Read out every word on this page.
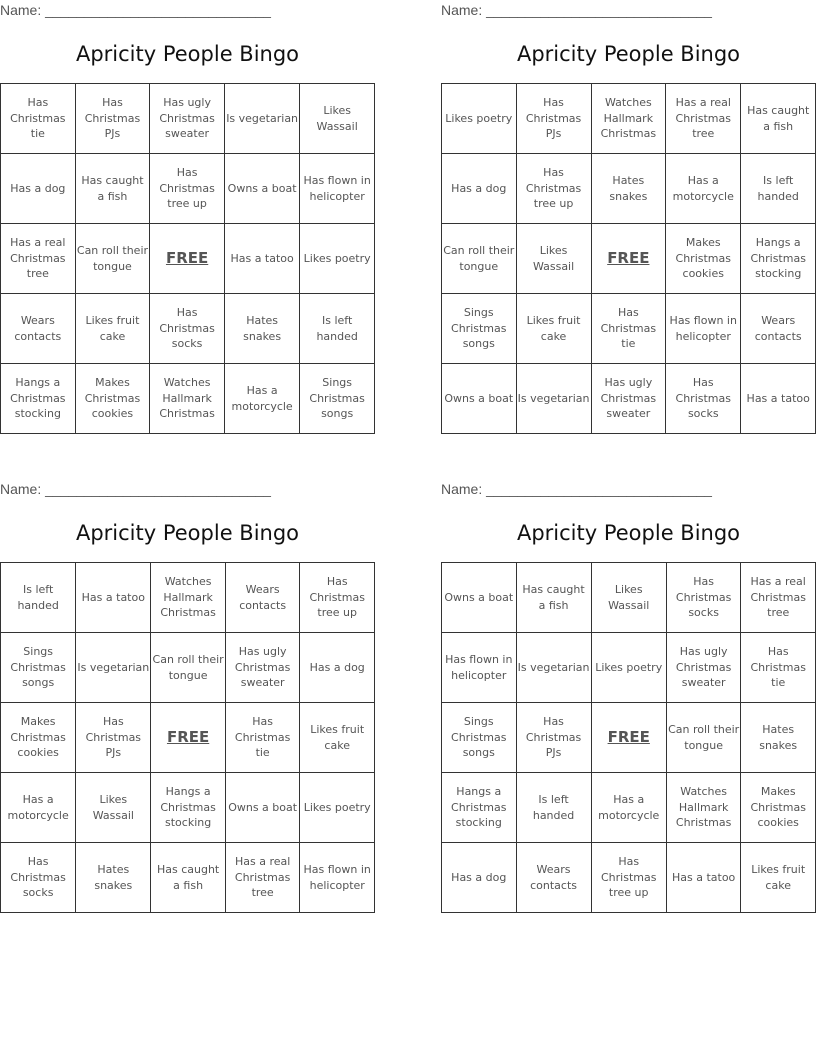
Name: _____________________________
Apricity People Bingo
Has Christmas tie	Has Christmas PJs	Has ugly Christmas sweater	Is vegetarian	Likes Wassail
Has a dog	Has caught a fish	Has Christmas tree up	Owns a boat	Has flown in helicopter
Has a real Christmas tree	Can roll their tongue	FREE	Has a tatoo	Likes poetry
Wears contacts	Likes fruit cake	Has Christmas socks	Hates snakes	Is left handed
Hangs a Christmas stocking	Makes Christmas cookies	Watches Hallmark Christmas	Has a motorcycle	Sings Christmas songs
Name: _____________________________
Apricity People Bingo
Likes poetry	Has Christmas PJs	Watches Hallmark Christmas	Has a real Christmas tree	Has caught a fish
Has a dog	Has Christmas tree up	Hates snakes	Has a motorcycle	Is left handed
Can roll their tongue	Likes Wassail	FREE	Makes Christmas cookies	Hangs a Christmas stocking
Sings Christmas songs	Likes fruit cake	Has Christmas tie	Has flown in helicopter	Wears contacts
Owns a boat	Is vegetarian	Has ugly Christmas sweater	Has Christmas socks	Has a tatoo
Name: _____________________________
Apricity People Bingo
Is left handed	Has a tatoo	Watches Hallmark Christmas	Wears contacts	Has Christmas tree up
Sings Christmas songs	Is vegetarian	Can roll their tongue	Has ugly Christmas sweater	Has a dog
Makes Christmas cookies	Has Christmas PJs	FREE	Has Christmas tie	Likes fruit cake
Has a motorcycle	Likes Wassail	Hangs a Christmas stocking	Owns a boat	Likes poetry
Has Christmas socks	Hates snakes	Has caught a fish	Has a real Christmas tree	Has flown in helicopter
Name: _____________________________
Apricity People Bingo
Owns a boat	Has caught a fish	Likes Wassail	Has Christmas socks	Has a real Christmas tree
Has flown in helicopter	Is vegetarian	Likes poetry	Has ugly Christmas sweater	Has Christmas tie
Sings Christmas songs	Has Christmas PJs	FREE	Can roll their tongue	Hates snakes
Hangs a Christmas stocking	Is left handed	Has a motorcycle	Watches Hallmark Christmas	Makes Christmas cookies
Has a dog	Wears contacts	Has Christmas tree up	Has a tatoo	Likes fruit cake
